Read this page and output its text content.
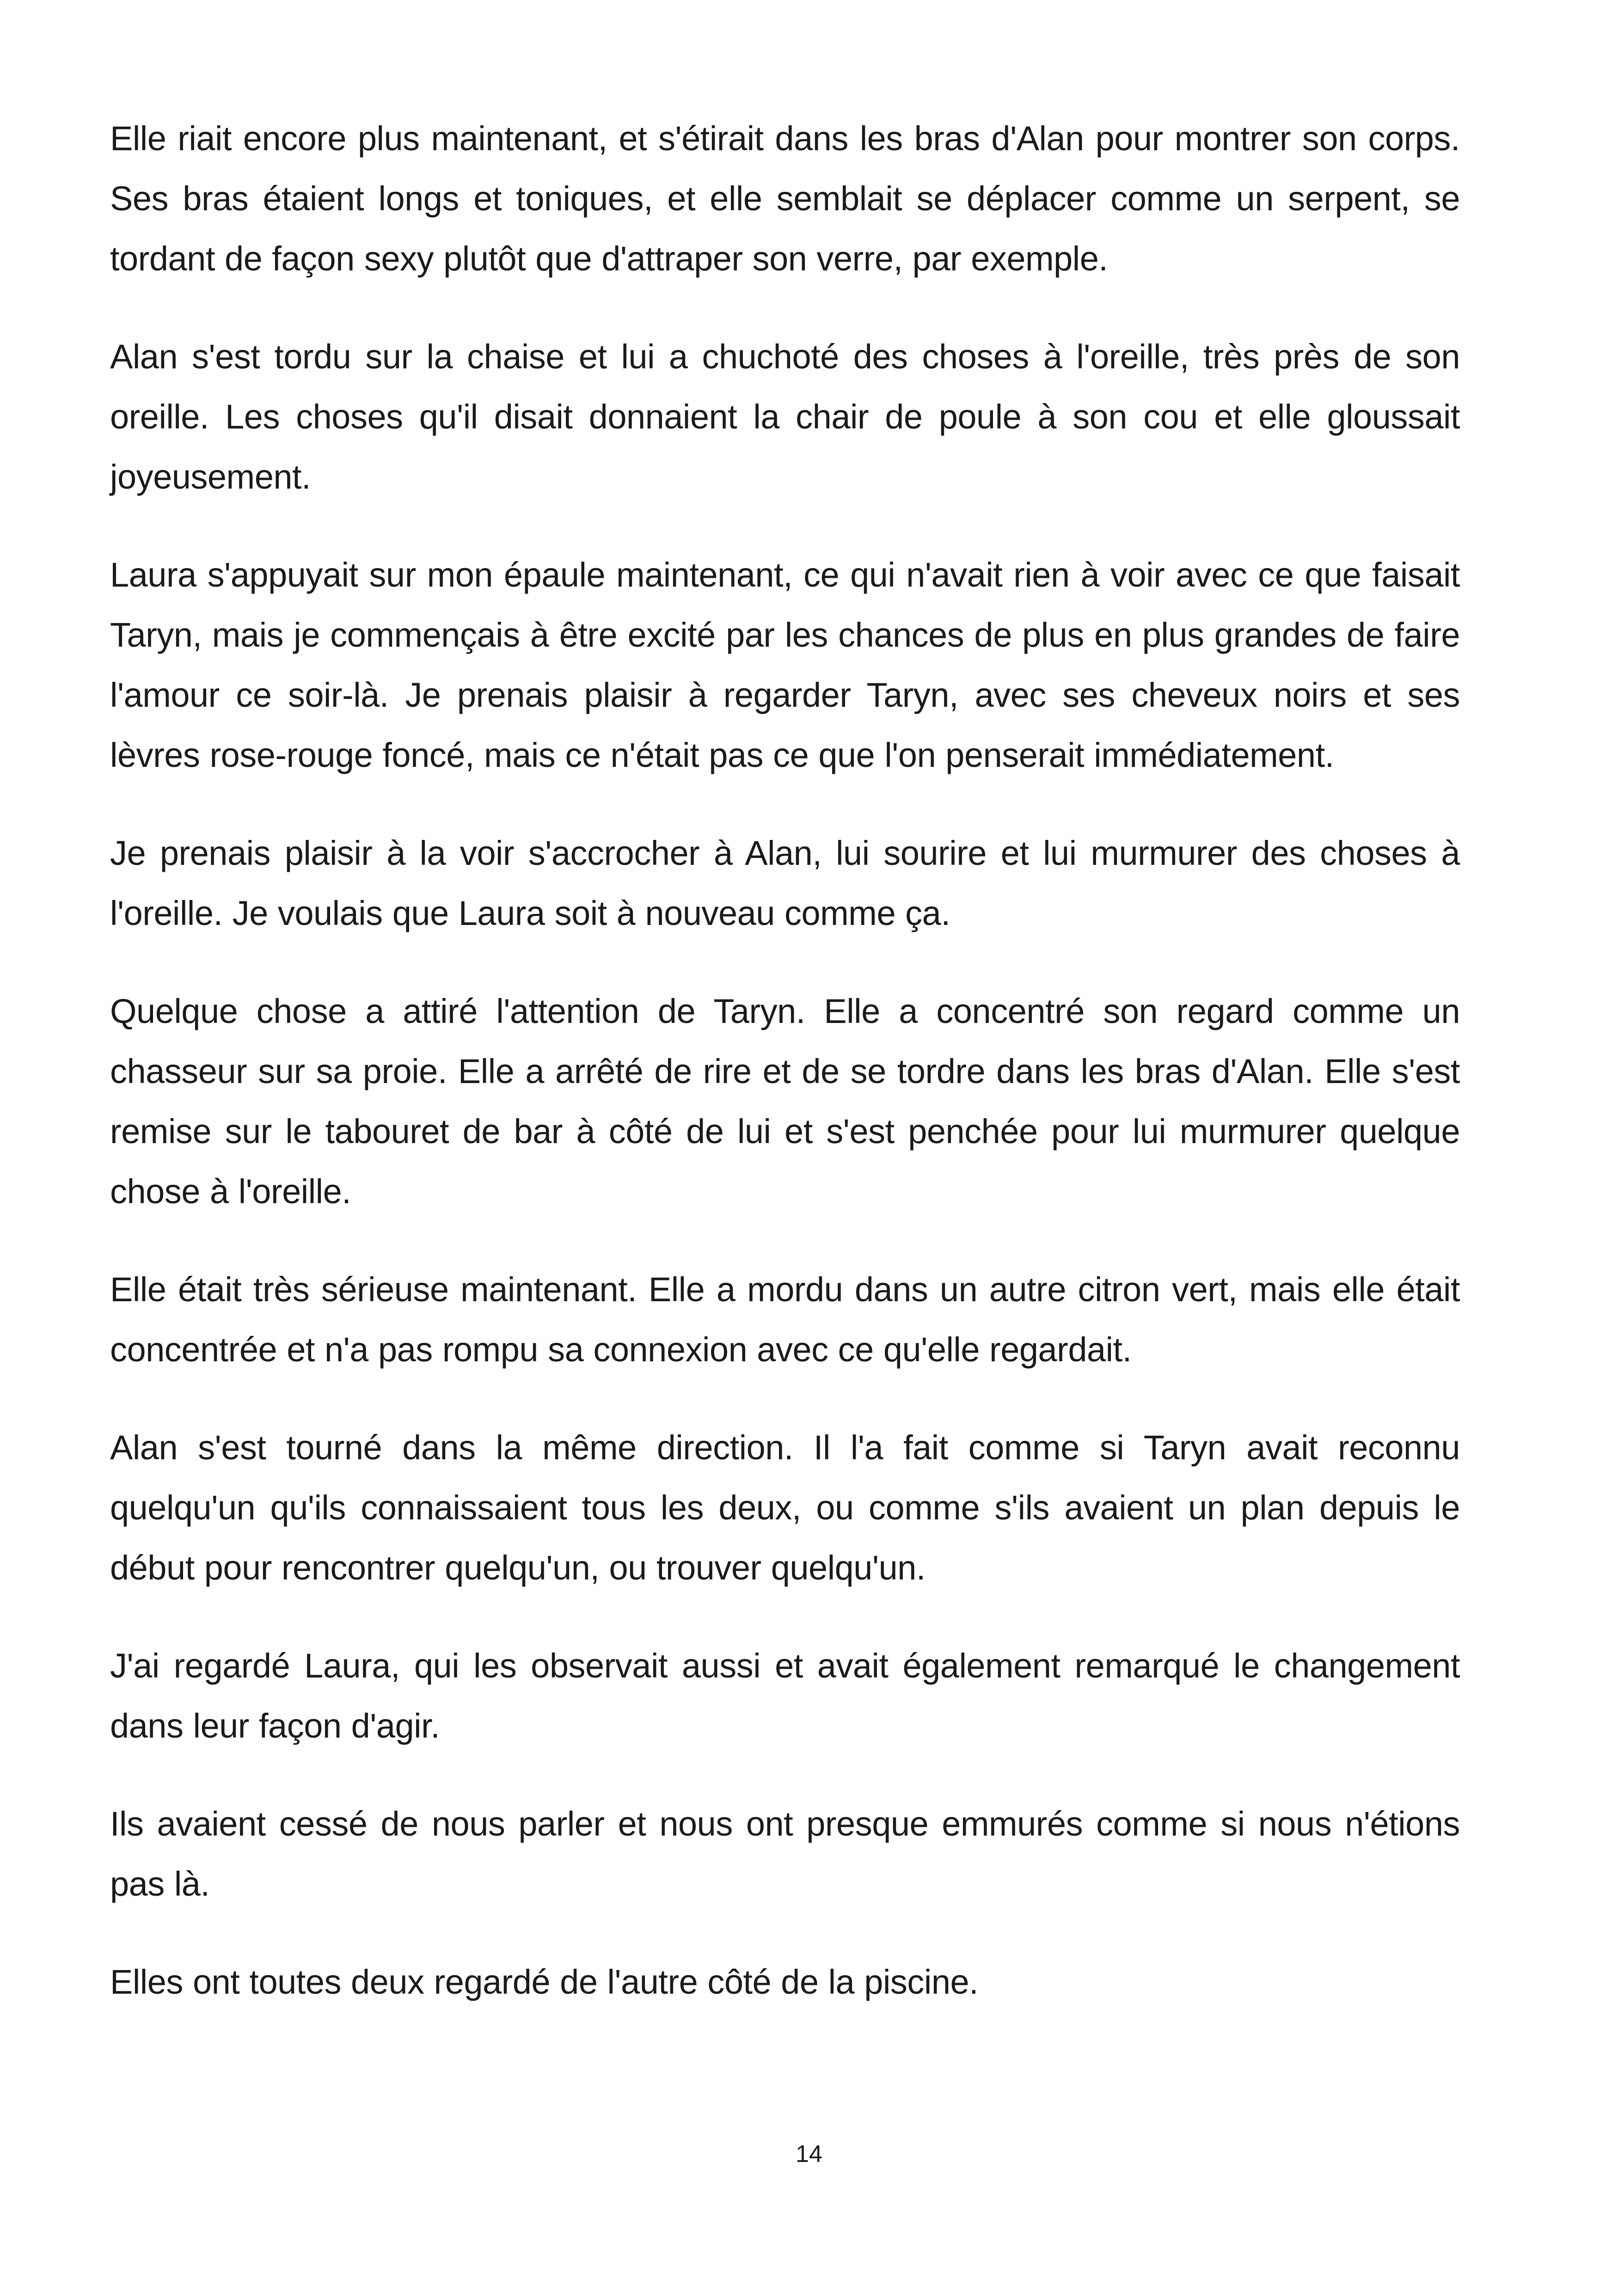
Elle riait encore plus maintenant, et s'étirait dans les bras d'Alan pour montrer son corps. Ses bras étaient longs et toniques, et elle semblait se déplacer comme un serpent, se tordant de façon sexy plutôt que d'attraper son verre, par exemple.

Alan s'est tordu sur la chaise et lui a chuchoté des choses à l'oreille, très près de son oreille. Les choses qu'il disait donnaient la chair de poule à son cou et elle gloussait joyeusement.

Laura s'appuyait sur mon épaule maintenant, ce qui n'avait rien à voir avec ce que faisait Taryn, mais je commençais à être excité par les chances de plus en plus grandes de faire l'amour ce soir-là. Je prenais plaisir à regarder Taryn, avec ses cheveux noirs et ses lèvres rose-rouge foncé, mais ce n'était pas ce que l'on penserait immédiatement.

Je prenais plaisir à la voir s'accrocher à Alan, lui sourire et lui murmurer des choses à l'oreille. Je voulais que Laura soit à nouveau comme ça.

Quelque chose a attiré l'attention de Taryn. Elle a concentré son regard comme un chasseur sur sa proie. Elle a arrêté de rire et de se tordre dans les bras d'Alan. Elle s'est remise sur le tabouret de bar à côté de lui et s'est penchée pour lui murmurer quelque chose à l'oreille.

Elle était très sérieuse maintenant. Elle a mordu dans un autre citron vert, mais elle était concentrée et n'a pas rompu sa connexion avec ce qu'elle regardait.

Alan s'est tourné dans la même direction. Il l'a fait comme si Taryn avait reconnu quelqu'un qu'ils connaissaient tous les deux, ou comme s'ils avaient un plan depuis le début pour rencontrer quelqu'un, ou trouver quelqu'un.

J'ai regardé Laura, qui les observait aussi et avait également remarqué le changement dans leur façon d'agir.

Ils avaient cessé de nous parler et nous ont presque emmurés comme si nous n'étions pas là.

Elles ont toutes deux regardé de l'autre côté de la piscine.

14
